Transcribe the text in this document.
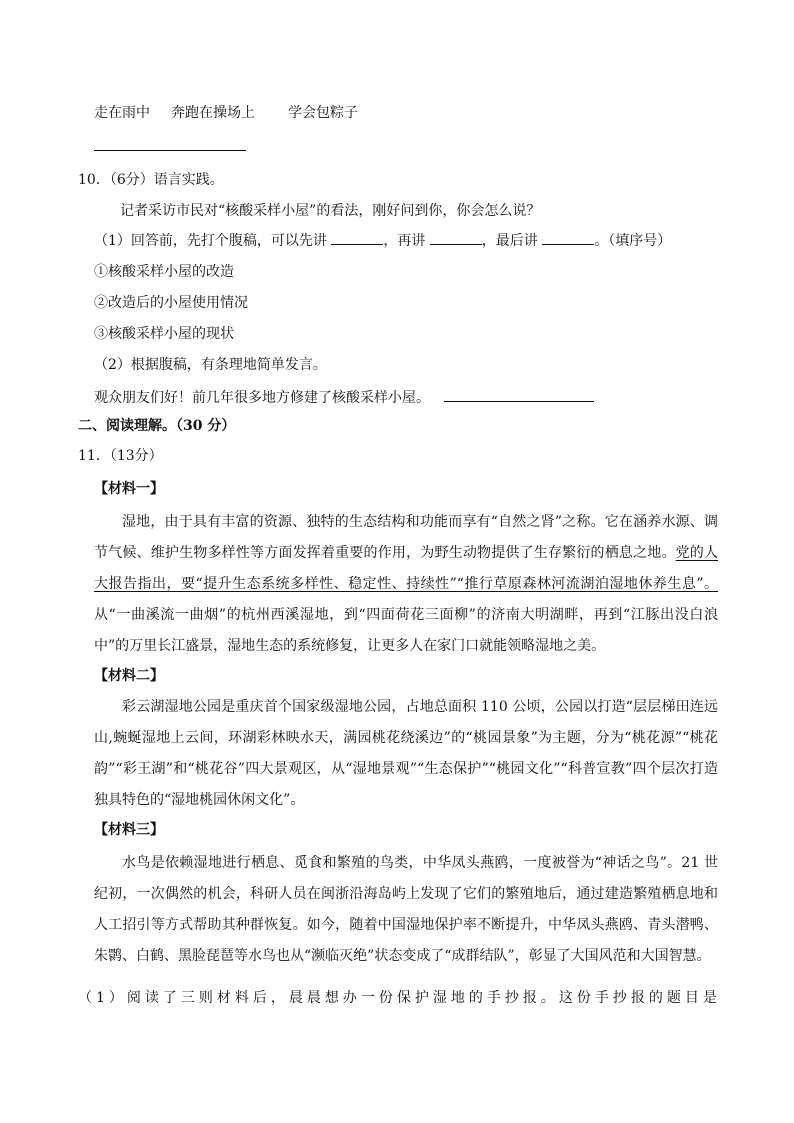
走在雨中 奔跑在操场上 学会包粽子
10．（6分）语言实践。
记者采访市民对“核酸采样小屋”的看法，刚好问到你，你会怎么说？
（1）回答前，先打个腹稿，可以先讲	，再讲	，最后讲	。（填序号）
①核酸采样小屋的改造
②改造后的小屋使用情况
③核酸采样小屋的现状
（2）根据腹稿，有条理地简单发言。
观众朋友们好！前几年很多地方修建了核酸采样小屋。
二、阅读理解。（30 分）
11．（13分）
【材料一】

湿地，由于具有丰富的资源、独特的生态结构和功能而享有“自然之肾”之称。它在涵养水源、调节气候、维护生物多样性等方面发挥着重要的作用，为野生动物提供了生存繁衍的栖息之地。党的人大报告指出，要“提升生态系统多样性、稳定性、持续性”“推行草原森林河流湖泊湿地休养生息”。从“一曲溪流一曲烟”的杭州西溪湿地，到“四面荷花三面柳”的济南大明湖畔，再到“江豚出没白浪中”的万里长江盛景，湿地生态的系统修复，让更多人在家门口就能领略湿地之美。

【材料二】

彩云湖湿地公园是重庆首个国家级湿地公园，占地总面积 110 公顷，公园以打造“层层梯田连远山,蜿蜒湿地上云间，环湖彩林映水天，满园桃花绕溪边”的“桃园景象”为主题，分为“桃花源”“桃花韵”“彩王湖”和“桃花谷”四大景观区，从“湿地景观”“生态保护”“桃园文化”“科普宣教”四个层次打造独具特色的“湿地桃园休闲文化”。

【材料三】

水鸟是依赖湿地进行栖息、觅食和繁殖的鸟类，中华凤头燕鸥，一度被誉为“神话之鸟”。21 世纪初，一次偶然的机会，科研人员在闽浙沿海岛屿上发现了它们的繁殖地后，通过建造繁殖栖息地和人工招引等方式帮助其种群恢复。如今，随着中国湿地保护率不断提升，中华凤头燕鸥、青头潜鸭、朱鹮、白鹤、黑脸琵琶等水鸟也从“濒临灭绝”状态变成了“成群结队”，彰显了大国风范和大国智慧。

（1）阅读了三则材料后，晨晨想办一份保护湿地的手抄报。这份手抄报的题目是
